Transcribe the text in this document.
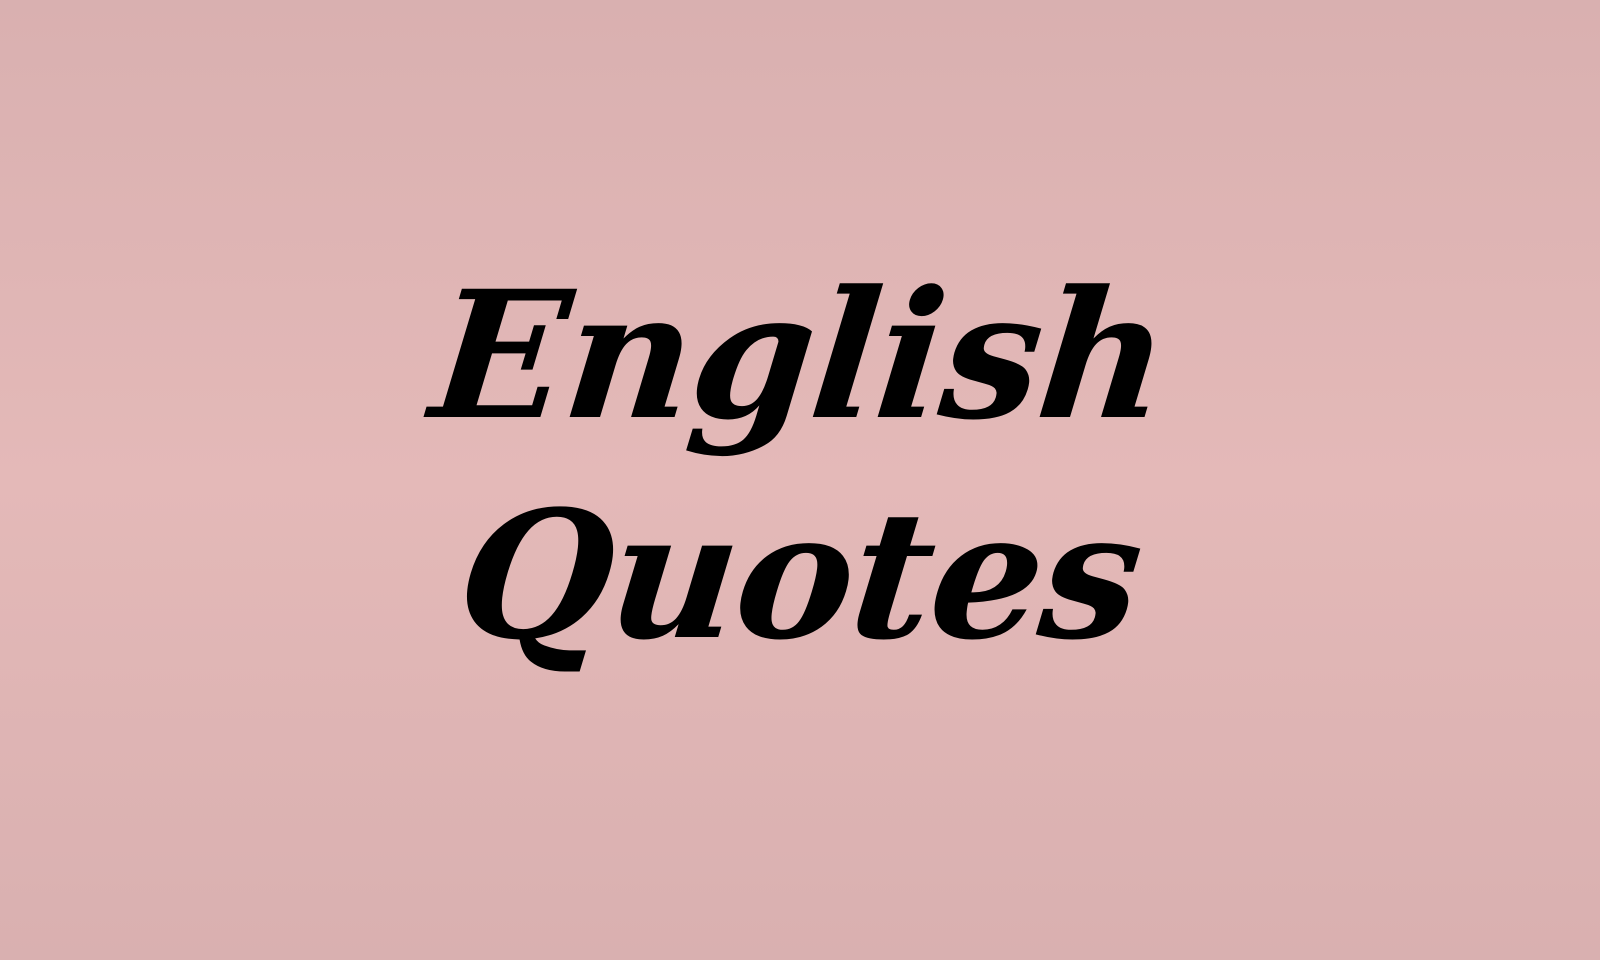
English
Quotes
